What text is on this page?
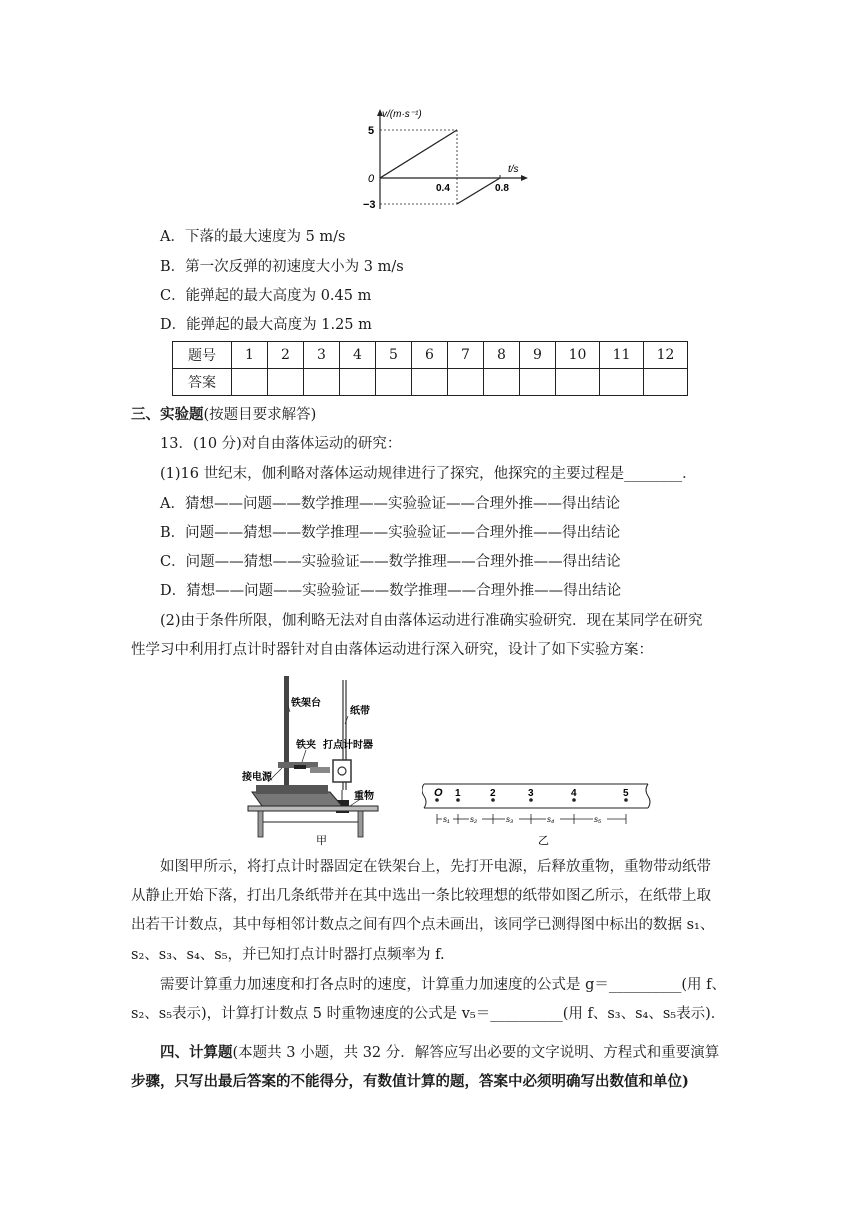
v/(m·s⁻¹)
t/s
0
5
−3
0.4	0.8
A．下落的最大速度为 5 m/s
B．第一次反弹的初速度大小为 3 m/s
C．能弹起的最大高度为 0.45 m
D．能弹起的最大高度为 1.25 m
题号	1	2	3	4	5	6	7	8	9	10	11	12
答案												
三、实验题(按题目要求解答)
13．(10 分)对自由落体运动的研究：
(1)16 世纪末，伽利略对落体运动规律进行了探究，他探究的主要过程是________．
A．猜想——问题——数学推理——实验验证——合理外推——得出结论
B．问题——猜想——数学推理——实验验证——合理外推——得出结论
C．问题——猜想——实验验证——数学推理——合理外推——得出结论
D．猜想——问题——实验验证——数学推理——合理外推——得出结论
(2)由于条件所限，伽利略无法对自由落体运动进行准确实验研究．现在某同学在研究
性学习中利用打点计时器针对自由落体运动进行深入研究，设计了如下实验方案：
铁架台
纸带
铁夹 打点计时器
接电源
重物
甲
O 1	2	3	4	5
s₁	s₂	s₃	s₄	s₅
乙
如图甲所示，将打点计时器固定在铁架台上，先打开电源，后释放重物，重物带动纸带
从静止开始下落，打出几条纸带并在其中选出一条比较理想的纸带如图乙所示，在纸带上取
出若干计数点，其中每相邻计数点之间有四个点未画出，该同学已测得图中标出的数据 s₁、
s₂、s₃、s₄、s₅，并已知打点计时器打点频率为 f.
需要计算重力加速度和打各点时的速度，计算重力加速度的公式是 g＝__________(用 f、
s₂、s₅表示)，计算打计数点 5 时重物速度的公式是 v₅＝__________(用 f、s₃、s₄、s₅表示)．
四、计算题(本题共 3 小题，共 32 分．解答应写出必要的文字说明、方程式和重要演算
步骤，只写出最后答案的不能得分，有数值计算的题，答案中必须明确写出数值和单位)
